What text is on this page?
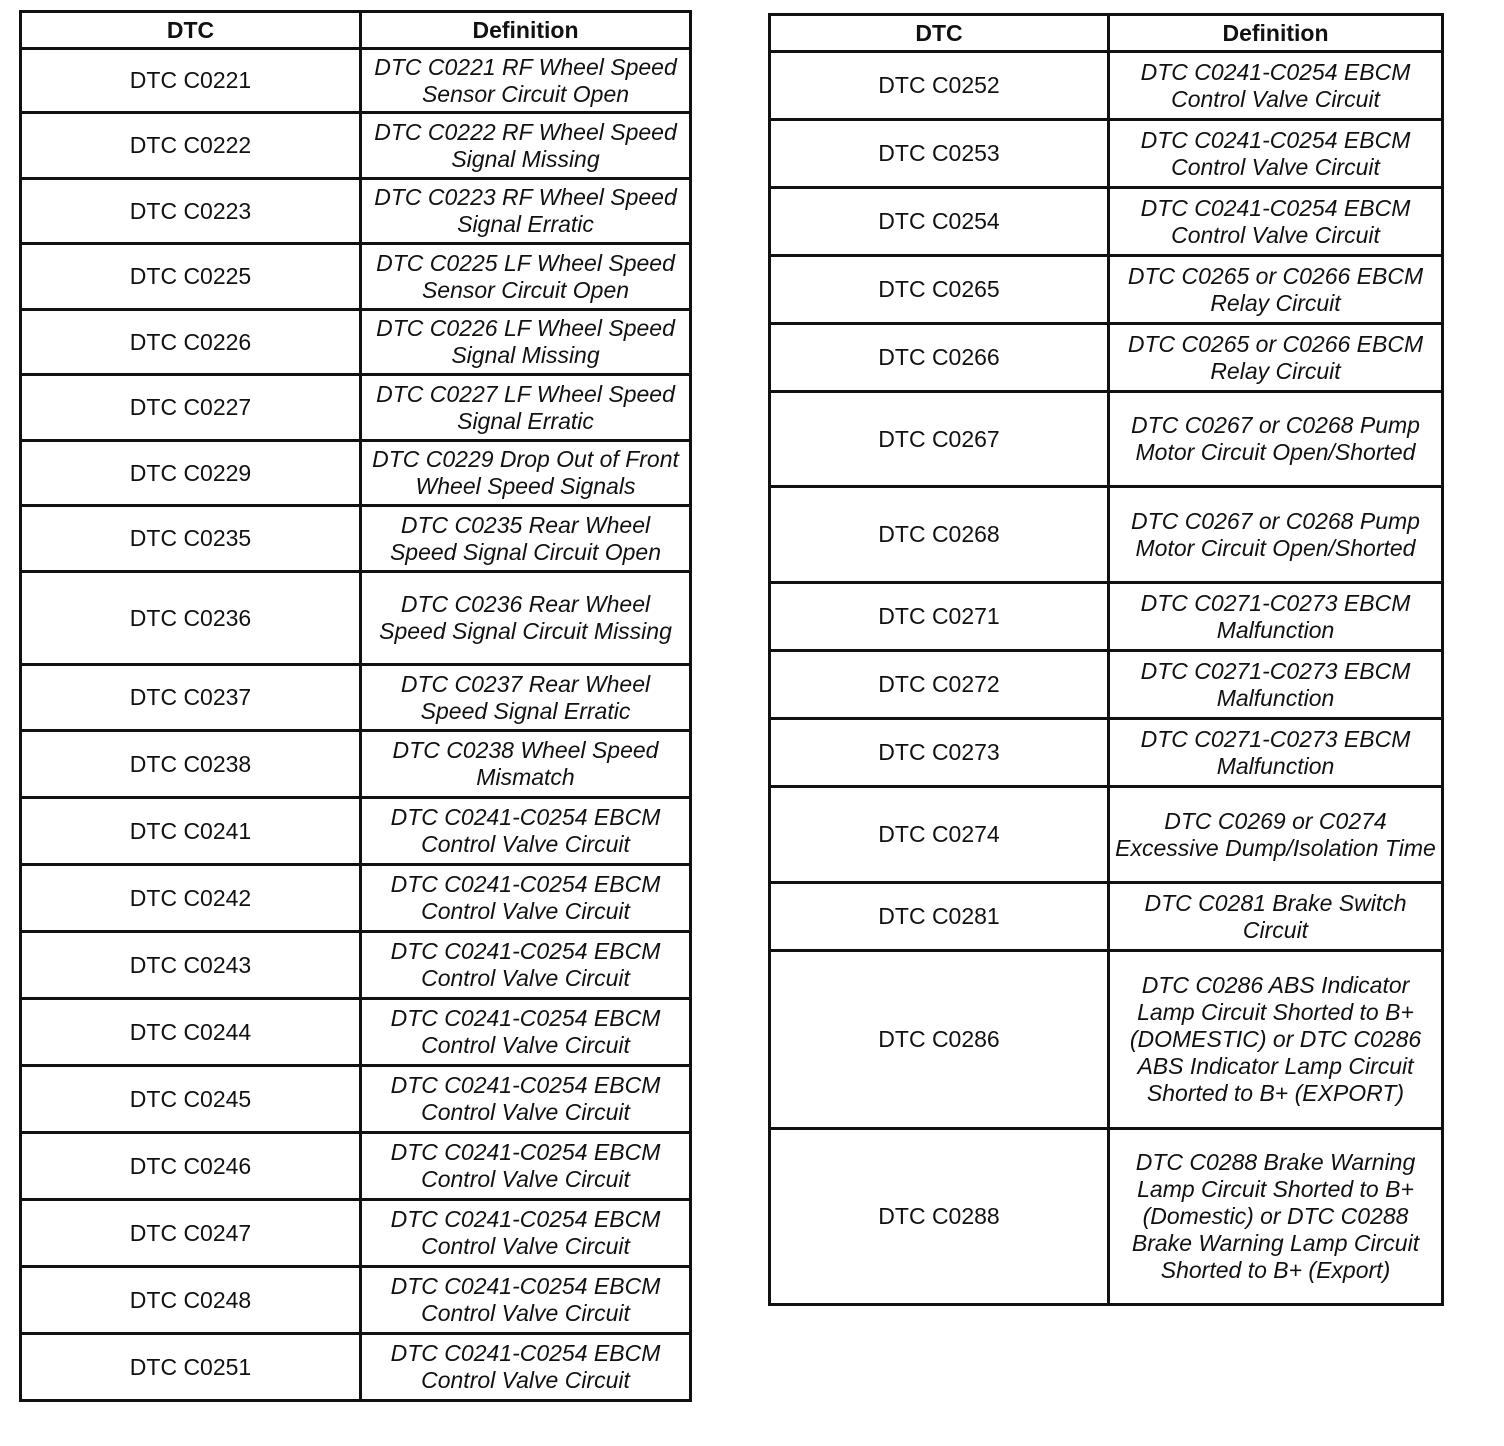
DTC	Definition
DTC C0221	DTC C0221 RF Wheel Speed Sensor Circuit Open
DTC C0222	DTC C0222 RF Wheel Speed Signal Missing
DTC C0223	DTC C0223 RF Wheel Speed Signal Erratic
DTC C0225	DTC C0225 LF Wheel Speed Sensor Circuit Open
DTC C0226	DTC C0226 LF Wheel Speed Signal Missing
DTC C0227	DTC C0227 LF Wheel Speed Signal Erratic
DTC C0229	DTC C0229 Drop Out of Front Wheel Speed Signals
DTC C0235	DTC C0235 Rear Wheel Speed Signal Circuit Open
DTC C0236	DTC C0236 Rear Wheel Speed Signal Circuit Missing
DTC C0237	DTC C0237 Rear Wheel Speed Signal Erratic
DTC C0238	DTC C0238 Wheel Speed Mismatch
DTC C0241	DTC C0241-C0254 EBCM Control Valve Circuit
DTC C0242	DTC C0241-C0254 EBCM Control Valve Circuit
DTC C0243	DTC C0241-C0254 EBCM Control Valve Circuit
DTC C0244	DTC C0241-C0254 EBCM Control Valve Circuit
DTC C0245	DTC C0241-C0254 EBCM Control Valve Circuit
DTC C0246	DTC C0241-C0254 EBCM Control Valve Circuit
DTC C0247	DTC C0241-C0254 EBCM Control Valve Circuit
DTC C0248	DTC C0241-C0254 EBCM Control Valve Circuit
DTC C0251	DTC C0241-C0254 EBCM Control Valve Circuit
DTC	Definition
DTC C0252	DTC C0241-C0254 EBCM Control Valve Circuit
DTC C0253	DTC C0241-C0254 EBCM Control Valve Circuit
DTC C0254	DTC C0241-C0254 EBCM Control Valve Circuit
DTC C0265	DTC C0265 or C0266 EBCM Relay Circuit
DTC C0266	DTC C0265 or C0266 EBCM Relay Circuit
DTC C0267	DTC C0267 or C0268 Pump Motor Circuit Open/Shorted
DTC C0268	DTC C0267 or C0268 Pump Motor Circuit Open/Shorted
DTC C0271	DTC C0271-C0273 EBCM Malfunction
DTC C0272	DTC C0271-C0273 EBCM Malfunction
DTC C0273	DTC C0271-C0273 EBCM Malfunction
DTC C0274	DTC C0269 or C0274 Excessive Dump/Isolation Time
DTC C0281	DTC C0281 Brake Switch Circuit
DTC C0286	DTC C0286 ABS Indicator Lamp Circuit Shorted to B+ (DOMESTIC) or DTC C0286 ABS Indicator Lamp Circuit Shorted to B+ (EXPORT)
DTC C0288	DTC C0288 Brake Warning Lamp Circuit Shorted to B+ (Domestic) or DTC C0288 Brake Warning Lamp Circuit Shorted to B+ (Export)
